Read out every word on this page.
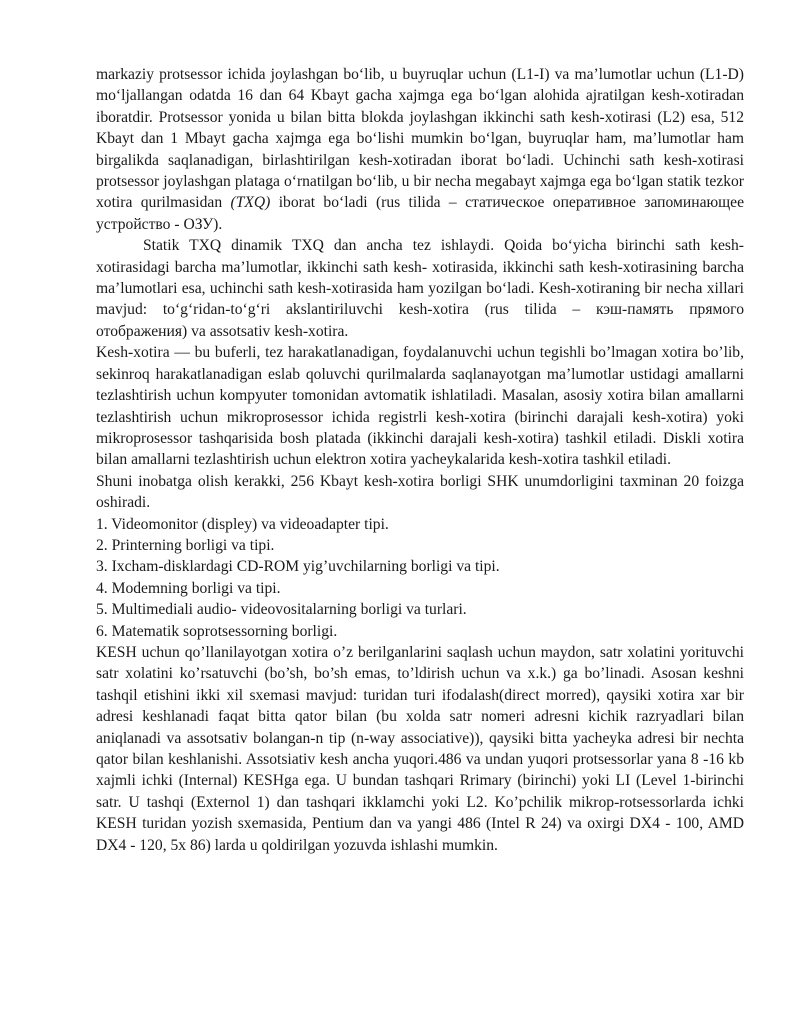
markaziy protsessor ichida joylashgan bo‘lib, u buyruqlar uchun (L1-I) va ma’lumotlar uchun (L1-D) mo‘ljallangan odatda 16 dan 64 Kbayt gacha xajmga ega bo‘lgan alohida ajratilgan kesh-xotiradan iboratdir. Protsessor yonida u bilan bitta blokda joylashgan ikkinchi sath kesh-xotirasi (L2) esa, 512 Kbayt dan 1 Mbayt gacha xajmga ega bo‘lishi mumkin bo‘lgan, buyruqlar ham, ma’lumotlar ham birgalikda saqlanadigan, birlashtirilgan kesh-xotiradan iborat bo‘ladi. Uchinchi sath kesh-xotirasi protsessor joylashgan plataga o‘rnatilgan bo‘lib, u bir necha megabayt xajmga ega bo‘lgan statik tezkor xotira qurilmasidan (TXQ) iborat bo‘ladi (rus tilida – статическое оперативное запоминающее устройство - ОЗУ).

Statik TXQ dinamik TXQ dan ancha tez ishlaydi. Qoida bo‘yicha birinchi sath kesh-xotirasidagi barcha ma’lumotlar, ikkinchi sath kesh- xotirasida, ikkinchi sath kesh-xotirasining barcha ma’lumotlari esa, uchinchi sath kesh-xotirasida ham yozilgan bo‘ladi. Kesh-xotiraning bir necha xillari mavjud: to‘g‘ridan-to‘g‘ri akslantiriluvchi kesh-xotira (rus tilida – кэш-память прямого отображения) va assotsativ kesh-xotira.

Kesh-xotira — bu buferli, tez harakatlanadigan, foydalanuvchi uchun tegishli bo’lmagan xotira bo’lib, sekinroq harakatlanadigan eslab qoluvchi qurilmalarda saqlanayotgan ma’lumotlar ustidagi amallarni tezlashtirish uchun kompyuter tomonidan avtomatik ishlatiladi. Masalan, asosiy xotira bilan amallarni tezlashtirish uchun mikroprosessor ichida registrli kesh-xotira (birinchi darajali kesh-xotira) yoki mikroprosessor tashqarisida bosh platada (ikkinchi darajali kesh-xotira) tashkil etiladi. Diskli xotira bilan amallarni tezlashtirish uchun elektron xotira yacheykalarida kesh-xotira tashkil etiladi.

Shuni inobatga olish kerakki, 256 Kbayt kesh-xotira borligi SHK unumdorligini taxminan 20 foizga oshiradi.

1. Videomonitor (displey) va videoadapter tipi.
2. Printerning borligi va tipi.
3. Ixcham-disklardagi CD-ROM yig’uvchilarning borligi va tipi.
4. Modemning borligi va tipi.
5. Multimediali audio- videovositalarning borligi va turlari.
6. Matematik soprotsessorning borligi.

KESH uchun qo’llanilayotgan xotira o’z berilganlarini saqlash uchun maydon, satr xolatini yorituvchi satr xolatini ko’rsatuvchi (bo’sh, bo’sh emas, to’ldirish uchun va x.k.) ga bo’linadi. Asosan keshni tashqil etishini ikki xil sxemasi mavjud: turidan turi ifodalash(direct morred), qaysiki xotira xar bir adresi keshlanadi faqat bitta qator bilan (bu xolda satr nomeri adresni kichik razryadlari bilan aniqlanadi va assotsativ bolangan-n tip (n-way associative)), qaysiki bitta yacheyka adresi bir nechta qator bilan keshlanishi. Assotsiativ kesh ancha yuqori.486 va undan yuqori protsessorlar yana 8 -16 kb xajmli ichki (Internal) KESHga ega. U bundan tashqari Rrimary (birinchi) yoki LI (Level 1-birinchi satr. U tashqi (Externol 1) dan tashqari ikklamchi yoki L2. Ko’pchilik mikrop-rotsessorlarda ichki KESH turidan yozish sxemasida, Pentium dan va yangi 486 (Intel R 24) va oxirgi DX4 - 100, AMD DX4 - 120, 5x 86) larda u qoldirilgan yozuvda ishlashi mumkin.
